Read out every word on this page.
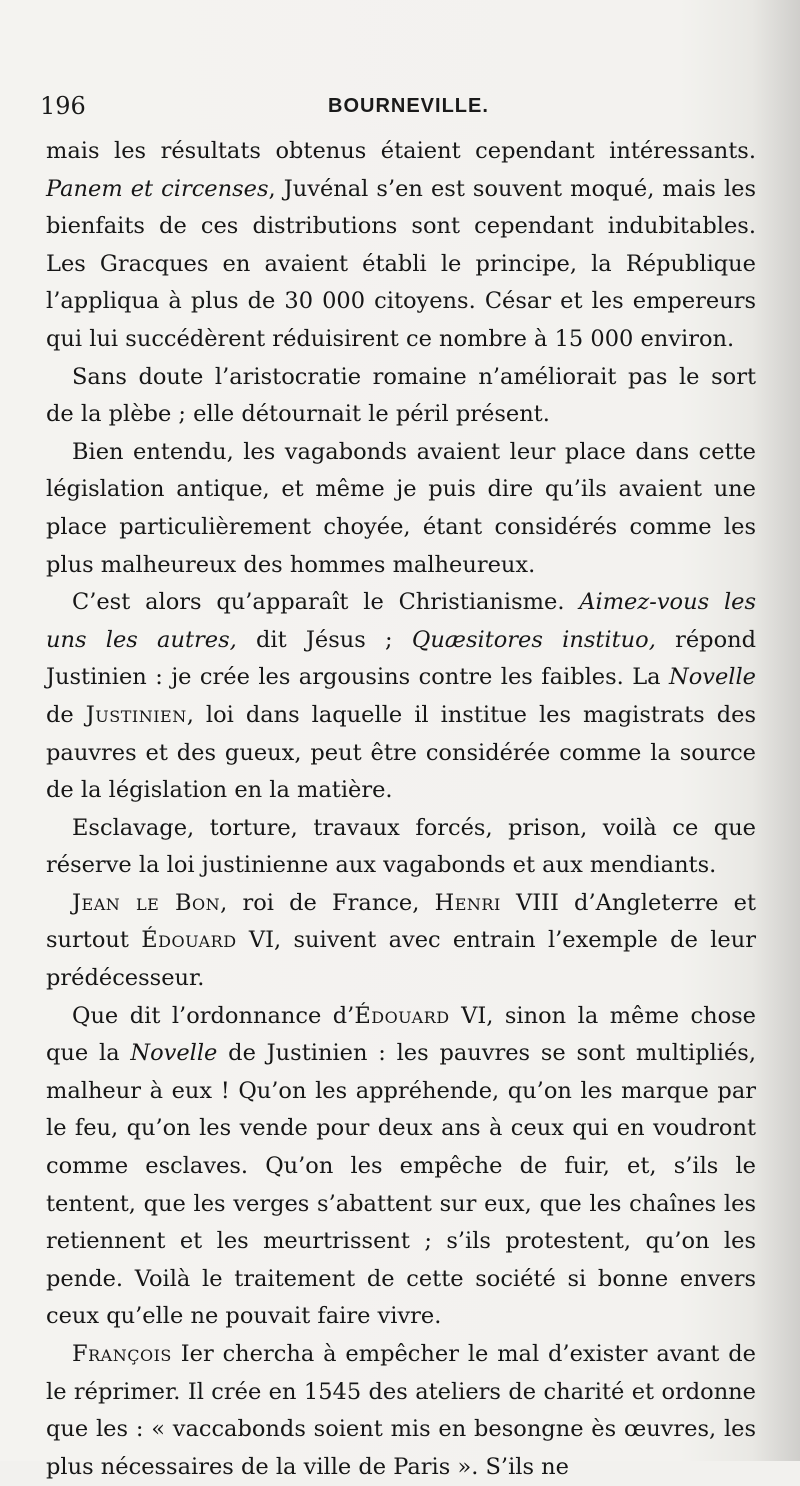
196	BOURNEVILLE.

mais les résultats obtenus étaient cependant intéressants. Panem et circenses, Juvénal s’en est souvent moqué, mais les bienfaits de ces distributions sont cependant indubitables. Les Gracques en avaient établi le principe, la République l’appliqua à plus de 30 000 citoyens. César et les empereurs qui lui succédèrent réduisirent ce nombre à 15 000 environ.

Sans doute l’aristocratie romaine n’améliorait pas le sort de la plèbe ; elle détournait le péril présent.

Bien entendu, les vagabonds avaient leur place dans cette législation antique, et même je puis dire qu’ils avaient une place particulièrement choyée, étant considérés comme les plus malheureux des hommes malheureux.

C’est alors qu’apparaît le Christianisme. Aimez-vous les uns les autres, dit Jésus ; Quæsitores instituo, répond Justinien : je crée les argousins contre les faibles. La Novelle de Justinien, loi dans laquelle il institue les magistrats des pauvres et des gueux, peut être considérée comme la source de la législation en la matière.

Esclavage, torture, travaux forcés, prison, voilà ce que réserve la loi justinienne aux vagabonds et aux mendiants.

Jean le Bon, roi de France, Henri VIII d’Angleterre et surtout Édouard VI, suivent avec entrain l’exemple de leur prédécesseur.

Que dit l’ordonnance d’Édouard VI, sinon la même chose que la Novelle de Justinien : les pauvres se sont multipliés, malheur à eux ! Qu’on les appréhende, qu’on les marque par le feu, qu’on les vende pour deux ans à ceux qui en voudront comme esclaves. Qu’on les empêche de fuir, et, s’ils le tentent, que les verges s’abattent sur eux, que les chaînes les retiennent et les meurtrissent ; s’ils protestent, qu’on les pende. Voilà le traitement de cette société si bonne envers ceux qu’elle ne pouvait faire vivre.

François Ier chercha à empêcher le mal d’exister avant de le réprimer. Il crée en 1545 des ateliers de charité et ordonne que les : « vaccabonds soient mis en besongne ès œuvres, les plus nécessaires de la ville de Paris ». S’ils ne
